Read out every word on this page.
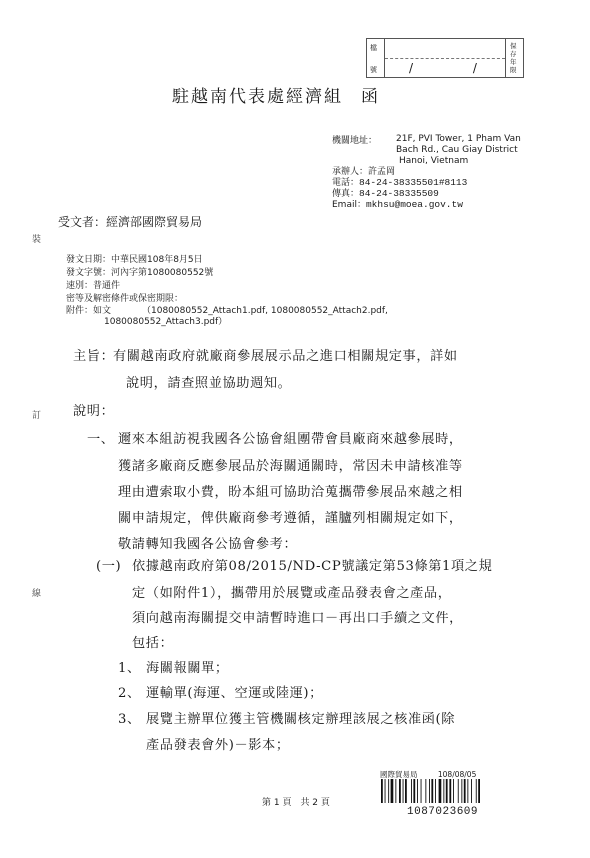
檔
號	/ /
保存年限
駐越南代表處經濟組 函
機關地址： 21F, PVI Tower, 1 Pham Van
Bach Rd., Cau Giay District
Hanoi, Vietnam
承辦人：許孟岡
電話：84-24-38335501#8113
傳真：84-24-38335509
Email：mkhsu@moea.gov.tw
裝
訂
線
受文者：經濟部國際貿易局
發文日期：中華民國108年8月5日
發文字號：河內字第1080080552號
速別：普通件
密等及解密條件或保密期限：
附件：如文	（1080080552_Attach1.pdf, 1080080552_Attach2.pdf,
1080080552_Attach3.pdf）
主旨：
有關越南政府就廠商參展展示品之進口相關規定事，詳如
說明，請查照並協助週知。
說明：
一、 邇來本組訪視我國各公協會組團帶會員廠商來越參展時，
獲諸多廠商反應參展品於海關通關時，常因未申請核准等
理由遭索取小費，盼本組可協助洽蒐攜帶參展品來越之相
關申請規定，俾供廠商參考遵循，謹臚列相關規定如下，
敬請轉知我國各公協會參考：
(一) 依據越南政府第08/2015/ND-CP號議定第53條第1項之規
定（如附件1），攜帶用於展覽或產品發表會之產品，
須向越南海關提交申請暫時進口－再出口手續之文件，
包括：
1、 海關報關單；
2、 運輸單(海運、空運或陸運)；
3、 展覽主辦單位獲主管機關核定辦理該展之核准函(除
產品發表會外)－影本；
國際貿易局	108/08/05
1087023609
第 1 頁　共 2 頁
